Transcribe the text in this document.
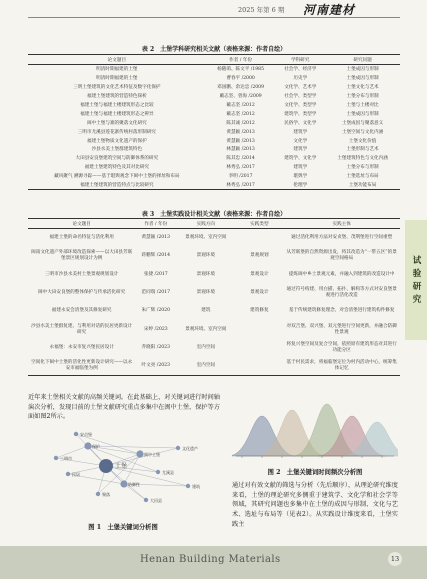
2025 年第 6 期 河南建材
试验研究
表 2　土堡学科研究相关文献（表格来源：作者自绘）
论文题目	作者 / 年份	学科研究	研究问题
明清时期福建的土堡	杨随萌、陈文平 /1985	社会学、经济学	土堡成因与形制
明清时期福建的土堡	曹春平 /2000	历史学	土堡成因与形制
三明土堡建筑的文化艺术特征及数字化保护	邓国鹏、余达忠 /2009	文化学、艺术学	土堡文化与艺术
福建土堡建筑的营造特色探析	戴志坚、曾海 /2009	社会学、类型学	土堡分布与形制
福建土堡与福建土楼建筑形态之比较	戴志坚 /2012	文化学、类型学	土堡与土楼对比
福建土堡与福建土楼建筑形态之辨异	戴志坚 /2012	建筑学、类型学	土堡成因与形制
闽中土堡与寨的聚落文化研究	陈其诚 /2012	民俗学、文化学	土堡成因与聚落意义
三明市尤溪县莲花寨传统村落形制研究	黄慧颖 /2013	建筑学	土堡空间与文化内涵
福建土堡物质文化遗产的保护	黄慧颖 /2013	文化学	土堡文化价值
沙县水美土堡群建筑特色	林慧颖 /2013	建筑学	土堡形制与艺术
大田县安良堡建筑空间与防御体系的研究	陈其忠 /2014	建筑学、文化学	土堡建筑特色与文化内涵
福建土堡建筑特色及其对比研究	林秀弘 /2017	建筑学	土堡分布与形制
藏风聚气 溯源寻踪——基于堪舆观念下闽中土堡的择址和布局	李明 /2017	堪舆学	土堡选址与布局
福建土堡建筑的营造特点与比较研究	林秀弘 /2017	伦理学	土堡功能布局
表 3　土堡实践设计相关文献（表格来源：作者自绘）
论文题目	作者 / 年份	实践方向	实践类型	实践主体
福建土堡的命名特征与活化利用	黄慧颖 /2013	景观环境、室内空间		通过活化利用方法对安贞堡、茂荆堡进行空间重塑
闽南文化遗产外部环境改造探索——以大田县芳联堡景区规划设计为例	蒋鹏辉 /2014	景观环境	景观规划	从芳联堡的自然资源出发，将其改造为“一带五区”的景观空间格局
三明市沙县水美村土堡景观规划设计	张捷 /2017	景观环境	景观设计	提炼闽中乡土景观元素，并融入到建筑的改造设计中
闽中大田安良堡的整体保护与传承活化研究	范同瑞 /2017	景观环境	景观设计	通过符号构建、用白描、拓扑、解构等方式对安良堡景观进行活化改造
福建永安会清堡及其修复研究	朱广辉 /2020	建筑	建筑修复	基于传统建筑修复理念，对会清堡进行建筑构件修复
沙县水美土堡群复建、与利用对话的民居更新设计研究	宋婷 /2023	景观环境、室内空间		对双吉堡、双兴堡、双元堡进行空间更新，并融合防御性景观
永福堡：永安市复兴堡民居设计	乔晓阳 /2023	室内空间		将复兴堡空间及复合空间，依照原有建筑形态对其进行功能分区
空间化下闽中土堡的活化性更新设计研究——以永安市福临堡为例	叶文亮 /2023	室内空间		基于村民需求，将福临堡定位为村内活动中心，统筹集体记忆
近年来土堡相关文献的高频关键词。在此基础上，对关键词进行时间轴演次分析，发现目前的土堡文献研究重点多集中在闽中土堡、保护等方面如图2所示。
土堡
闽中土堡
保护
防御性
尤溪县
民居
聚落
文化遗产
大田县
安贞堡
三明市
建筑
图 1　土堡关键词分析图
图 2　土堡关键词时间频次分析图
通过对有效文献的筛选与分析（先后顺序），从理论研究维度来看，土堡的理论研究多侧重于建筑学、文化学和社会学等领域，其研究问题也多集中在土堡的成因与形制、文化与艺术、选址与布局等（见表2）。从实践设计维度来看，土堡实践主
Henan Building Materials	13
